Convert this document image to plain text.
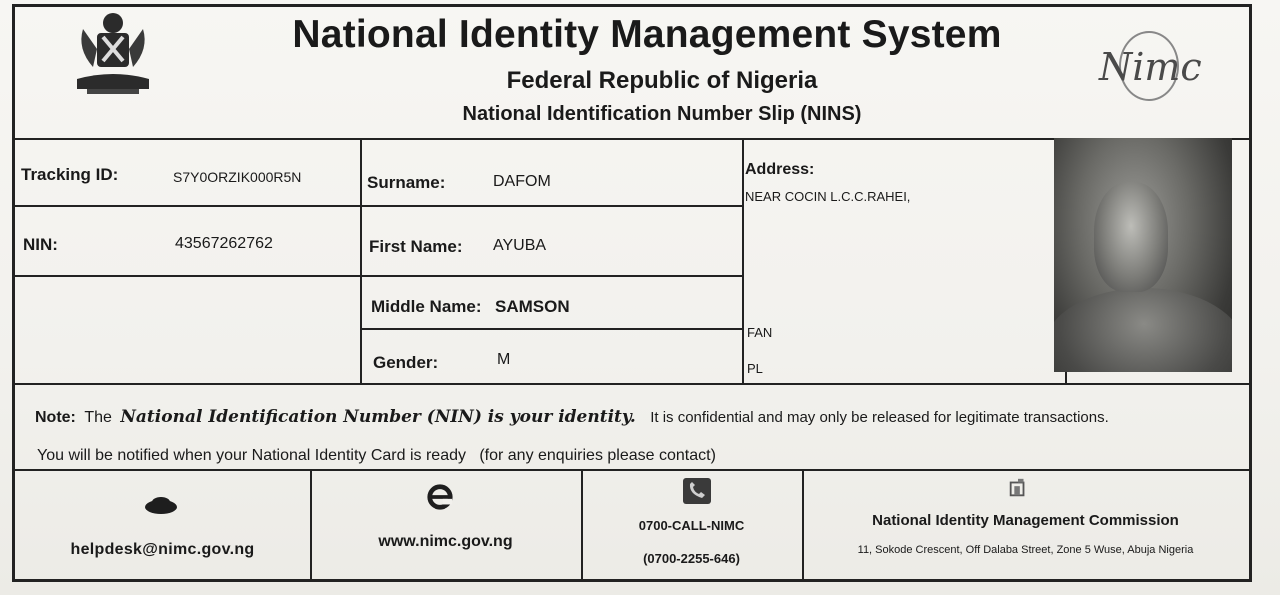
National Identity Management System
Federal Republic of Nigeria
National Identification Number Slip (NINS)
Nimc
Tracking ID:	S7Y0ORZIK000R5N
NIN:	43567262762
Surname:	DAFOM
First Name: AYUBA
Middle Name: SAMSON
Gender:	M
Address:
NEAR COCIN L.C.C.RAHEI,
FAN
PL
Note: The National Identification Number (NIN) is your identity. It is confidential and may only be released for legitimate transactions.
You will be notified when your National Identity Card is ready   (for any enquiries please contact)
helpdesk@nimc.gov.ng	www.nimc.gov.ng
0700-CALL-NIMC
(0700-2255-646)
National Identity Management Commission
11, Sokode Crescent, Off Dalaba Street, Zone 5 Wuse, Abuja Nigeria
